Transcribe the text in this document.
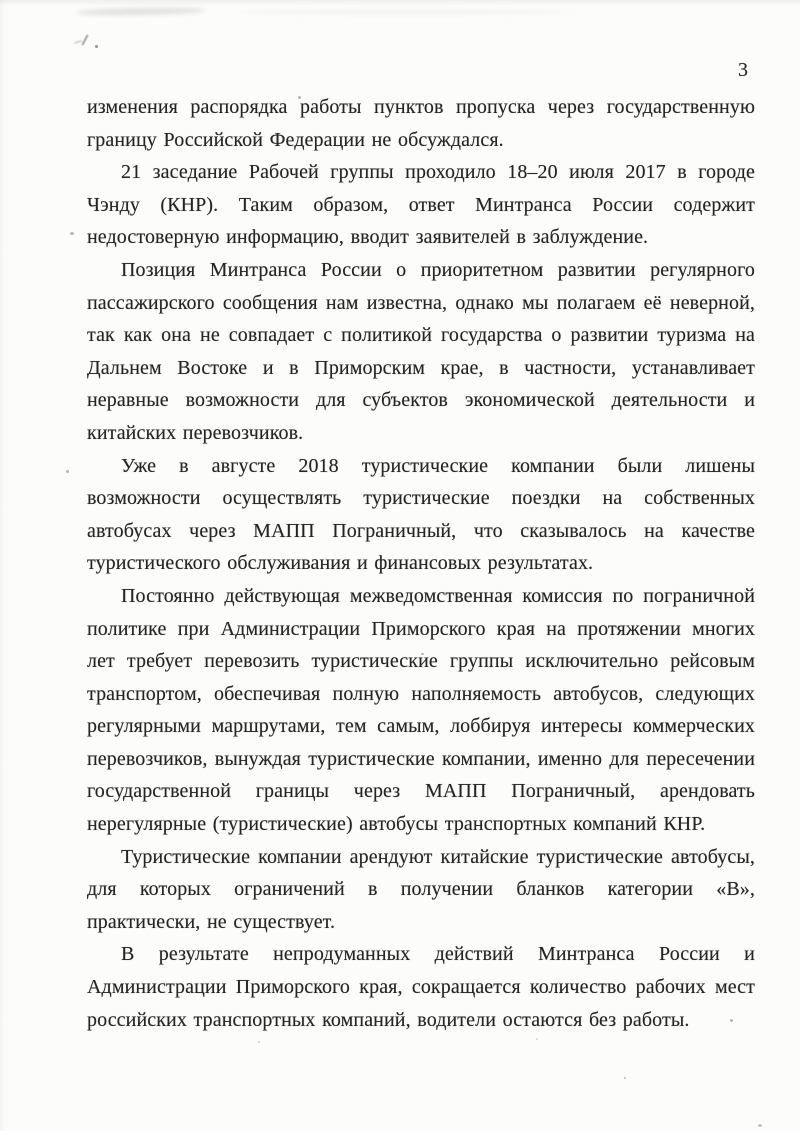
3

изменения распорядка работы пунктов пропуска через государственную границу Российской Федерации не обсуждался.

21 заседание Рабочей группы проходило 18–20 июля 2017 в городе Чэнду (КНР). Таким образом, ответ Минтранса России содержит недостоверную информацию, вводит заявителей в заблуждение.

Позиция Минтранса России о приоритетном развитии регулярного пассажирского сообщения нам известна, однако мы полагаем её неверной, так как она не совпадает с политикой государства о развитии туризма на Дальнем Востоке и в Приморским крае, в частности, устанавливает неравные возможности для субъектов экономической деятельности и китайских перевозчиков.

Уже в августе 2018 туристические компании были лишены возможности осуществлять туристические поездки на собственных автобусах через МАПП Пограничный, что сказывалось на качестве туристического обслуживания и финансовых результатах.

Постоянно действующая межведомственная комиссия по пограничной политике при Администрации Приморского края на протяжении многих лет требует перевозить туристические группы исключительно рейсовым транспортом, обеспечивая полную наполняемость автобусов, следующих регулярными маршрутами, тем самым, лоббируя интересы коммерческих перевозчиков, вынуждая туристические компании, именно для пересечении государственной границы через МАПП Пограничный, арендовать нерегулярные (туристические) автобусы транспортных компаний КНР.

Туристические компании арендуют китайские туристические автобусы, для которых ограничений в получении бланков категории «В», практически, не существует.

В результате непродуманных действий Минтранса России и Администрации Приморского края, сокращается количество рабочих мест российских транспортных компаний, водители остаются без работы.
